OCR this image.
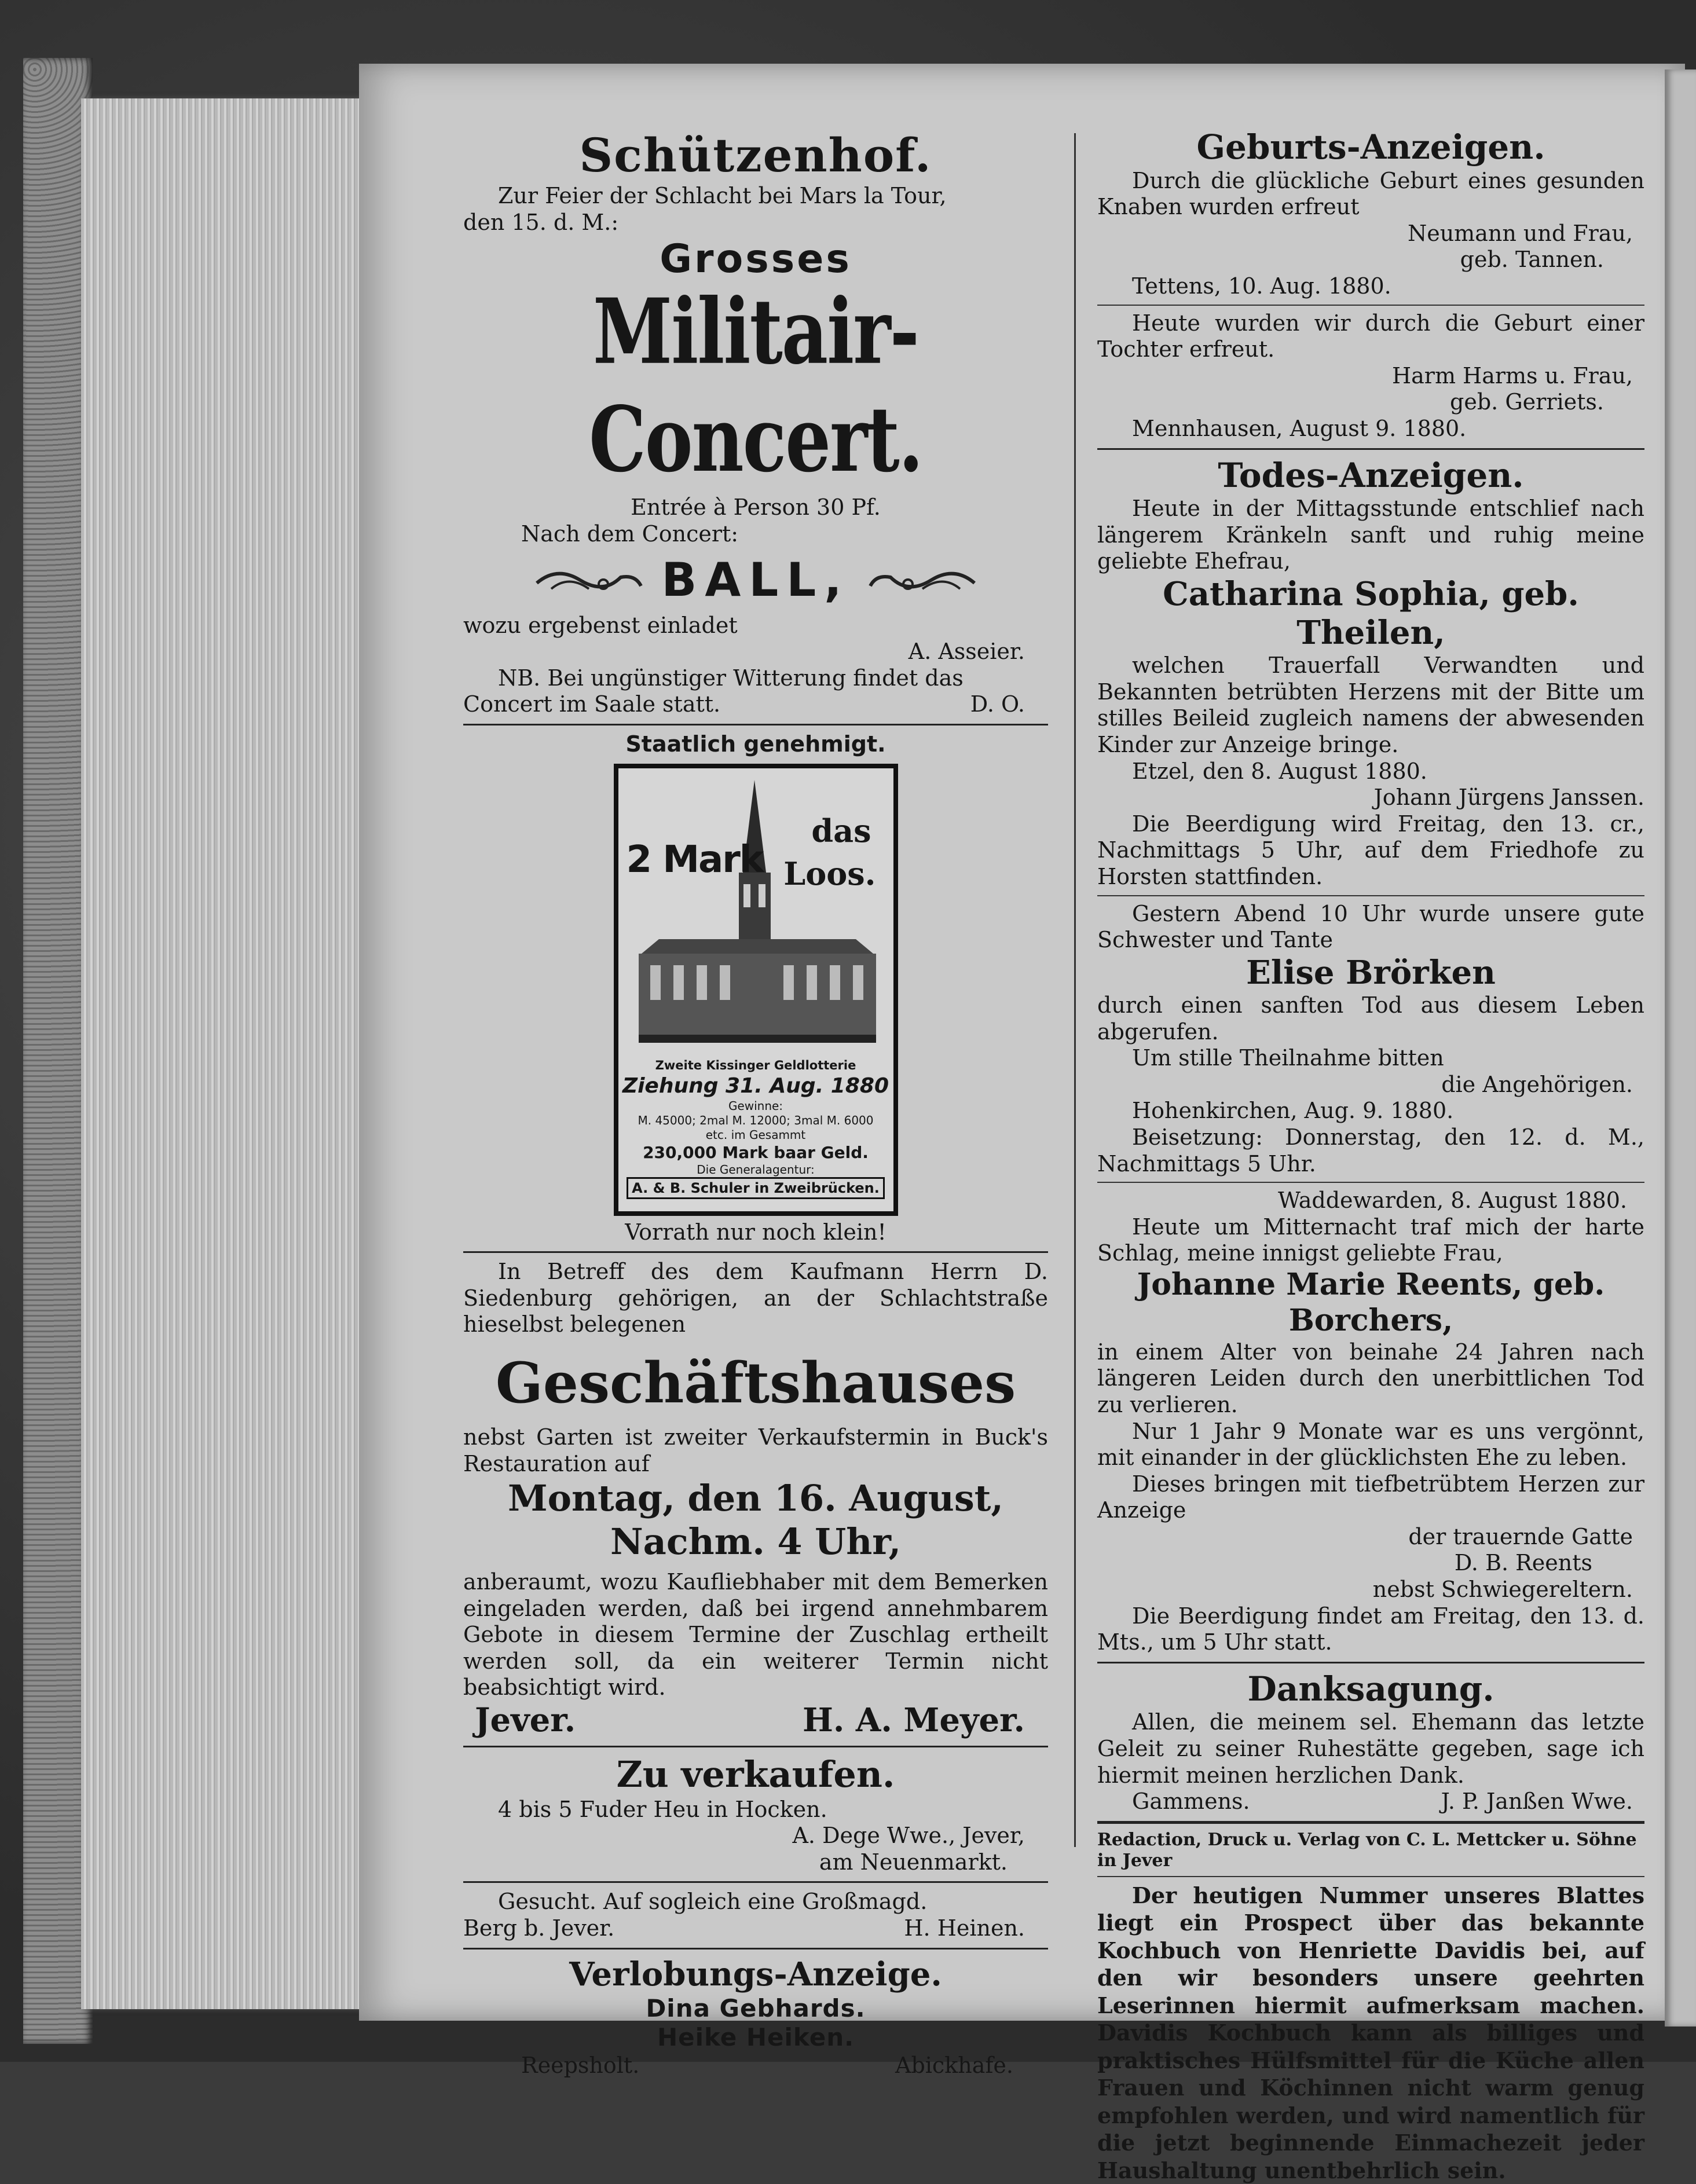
Schützenhof.

Zur Feier der Schlacht bei Mars la Tour,

den 15. d. M.:

Grosses
Militair-Concert.

Entrée à Person 30 Pf.

Nach dem Concert:

BALL,

wozu ergebenst einladet

A. Asseier.

NB. Bei ungünstiger Witterung findet das

Concert im Saale statt.	D. O.
Staatlich genehmigt.
2 Mark
das
Loos.
Zweite Kissinger Geldlotterie
Ziehung 31. Aug. 1880
Gewinne:
M. 45000; 2mal M. 12000; 3mal M. 6000
etc. im Gesammt
230,000 Mark baar Geld.
Die Generalagentur:
A. & B. Schuler in Zweibrücken.

Vorrath nur noch klein!

In Betreff des dem Kaufmann Herrn D. Siedenburg gehörigen, an der Schlachtstraße hieselbst belegenen

Geschäftshauses

nebst Garten ist zweiter Verkaufstermin in Buck's Restauration auf

Montag, den 16. August,
Nachm. 4 Uhr,

anberaumt, wozu Kaufliebhaber mit dem Bemerken eingeladen werden, daß bei irgend annehmbarem Gebote in diesem Termine der Zuschlag ertheilt werden soll, da ein weiterer Termin nicht beabsichtigt wird.

Jever.	H. A. Meyer.
Zu verkaufen.

4 bis 5 Fuder Heu in Hocken.

A. Dege Wwe., Jever,

am Neuenmarkt.

Gesucht. Auf sogleich eine Großmagd.

Berg b. Jever.	H. Heinen.
Verlobungs-Anzeige.
Dina Gebhards.
Heike Heiken.
Reepsholt.	Abickhafe.
Geburts-Anzeigen.

Durch die glückliche Geburt eines gesunden Knaben wurden erfreut

Neumann und Frau,

geb. Tannen.

Tettens, 10. Aug. 1880.

Heute wurden wir durch die Geburt einer Tochter erfreut.

Harm Harms u. Frau,

geb. Gerriets.

Mennhausen, August 9. 1880.

Todes-Anzeigen.

Heute in der Mittagsstunde entschlief nach längerem Kränkeln sanft und ruhig meine geliebte Ehefrau,

Catharina Sophia, geb. Theilen,

welchen Trauerfall Verwandten und Bekannten betrübten Herzens mit der Bitte um stilles Beileid zugleich namens der abwesenden Kinder zur Anzeige bringe.

Etzel, den 8. August 1880.

Johann Jürgens Janssen.

Die Beerdigung wird Freitag, den 13. cr., Nachmittags 5 Uhr, auf dem Friedhofe zu Horsten stattfinden.

Gestern Abend 10 Uhr wurde unsere gute Schwester und Tante

Elise Brörken

durch einen sanften Tod aus diesem Leben abgerufen.

Um stille Theilnahme bitten

die Angehörigen.

Hohenkirchen, Aug. 9. 1880.

Beisetzung: Donnerstag, den 12. d. M., Nachmittags 5 Uhr.

Waddewarden, 8. August 1880.

Heute um Mitternacht traf mich der harte Schlag, meine innigst geliebte Frau,

Johanne Marie Reents, geb. Borchers,

in einem Alter von beinahe 24 Jahren nach längeren Leiden durch den unerbittlichen Tod zu verlieren.

Nur 1 Jahr 9 Monate war es uns vergönnt, mit einander in der glücklichsten Ehe zu leben.

Dieses bringen mit tiefbetrübtem Herzen zur Anzeige

der trauernde Gatte

D. B. Reents

nebst Schwiegereltern.

Die Beerdigung findet am Freitag, den 13. d. Mts., um 5 Uhr statt.

Danksagung.

Allen, die meinem sel. Ehemann das letzte Geleit zu seiner Ruhestätte gegeben, sage ich hiermit meinen herzlichen Dank.

Gammens.	J. P. Janßen Wwe.

Redaction, Druck u. Verlag von C. L. Mettcker u. Söhne in Jever

Der heutigen Nummer unseres Blattes liegt ein Prospect über das bekannte Kochbuch von Henriette Davidis bei, auf den wir besonders unsere geehrten Leserinnen hiermit aufmerksam machen. Davidis Kochbuch kann als billiges und praktisches Hülfsmittel für die Küche allen Frauen und Köchinnen nicht warm genug empfohlen werden, und wird namentlich für die jetzt beginnende Einmachezeit jeder Haushaltung unentbehrlich sein.
